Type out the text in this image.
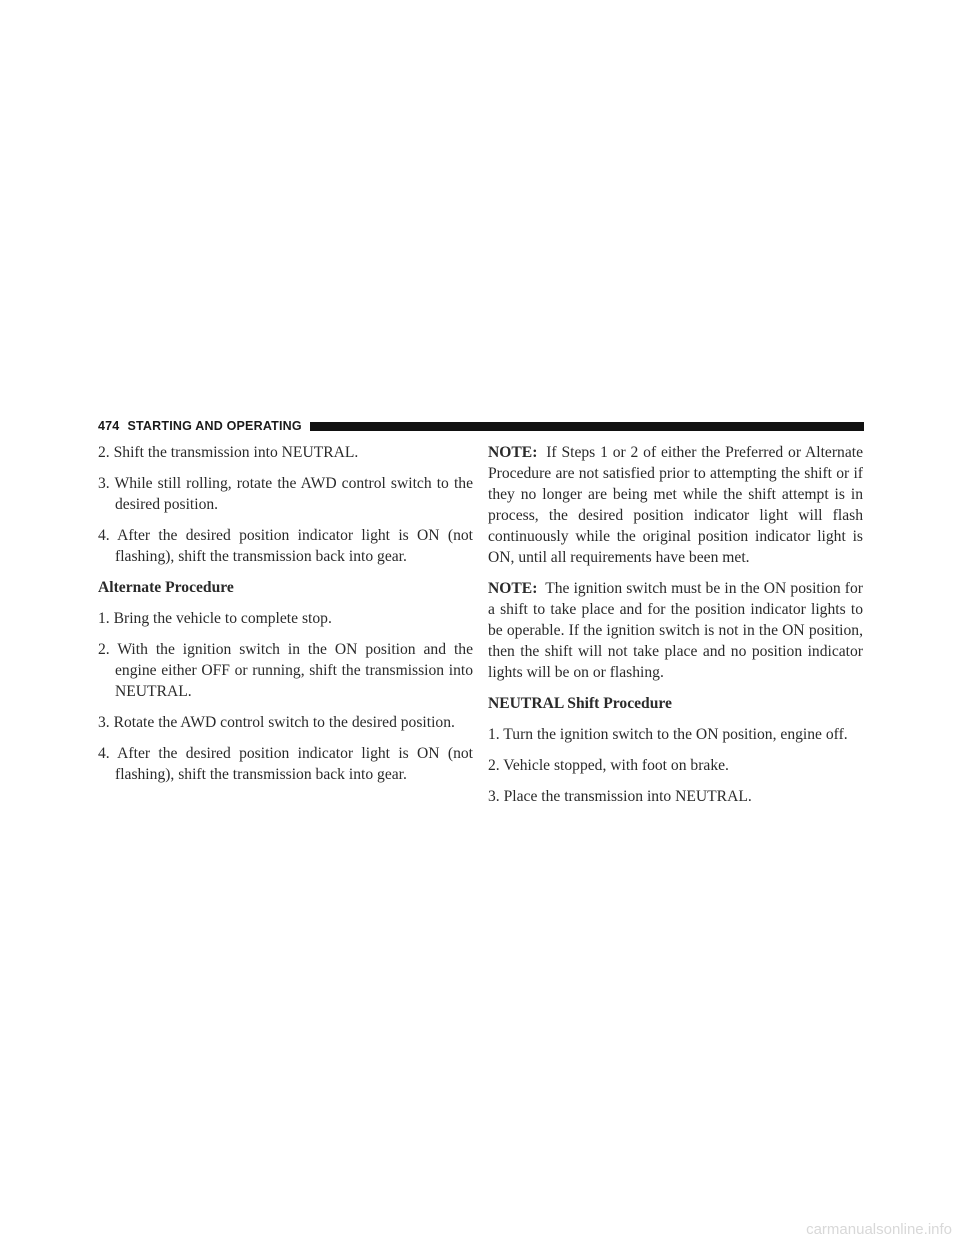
474 STARTING AND OPERATING

2. Shift the transmission into NEUTRAL.

3. While still rolling, rotate the AWD control switch to the desired position.

4. After the desired position indicator light is ON (not flashing), shift the transmission back into gear.

Alternate Procedure

1. Bring the vehicle to complete stop.

2. With the ignition switch in the ON position and the engine either OFF or running, shift the transmission into NEUTRAL.

3. Rotate the AWD control switch to the desired position.

4. After the desired position indicator light is ON (not flashing), shift the transmission back into gear.

NOTE: If Steps 1 or 2 of either the Preferred or Alternate Procedure are not satisfied prior to attempting the shift or if they no longer are being met while the shift attempt is in process, the desired position indicator light will flash continuously while the original position indicator light is ON, until all requirements have been met.

NOTE: The ignition switch must be in the ON position for a shift to take place and for the position indicator lights to be operable. If the ignition switch is not in the ON position, then the shift will not take place and no position indicator lights will be on or flashing.

NEUTRAL Shift Procedure

1. Turn the ignition switch to the ON position, engine off.

2. Vehicle stopped, with foot on brake.

3. Place the transmission into NEUTRAL.

carmanualsonline.info
